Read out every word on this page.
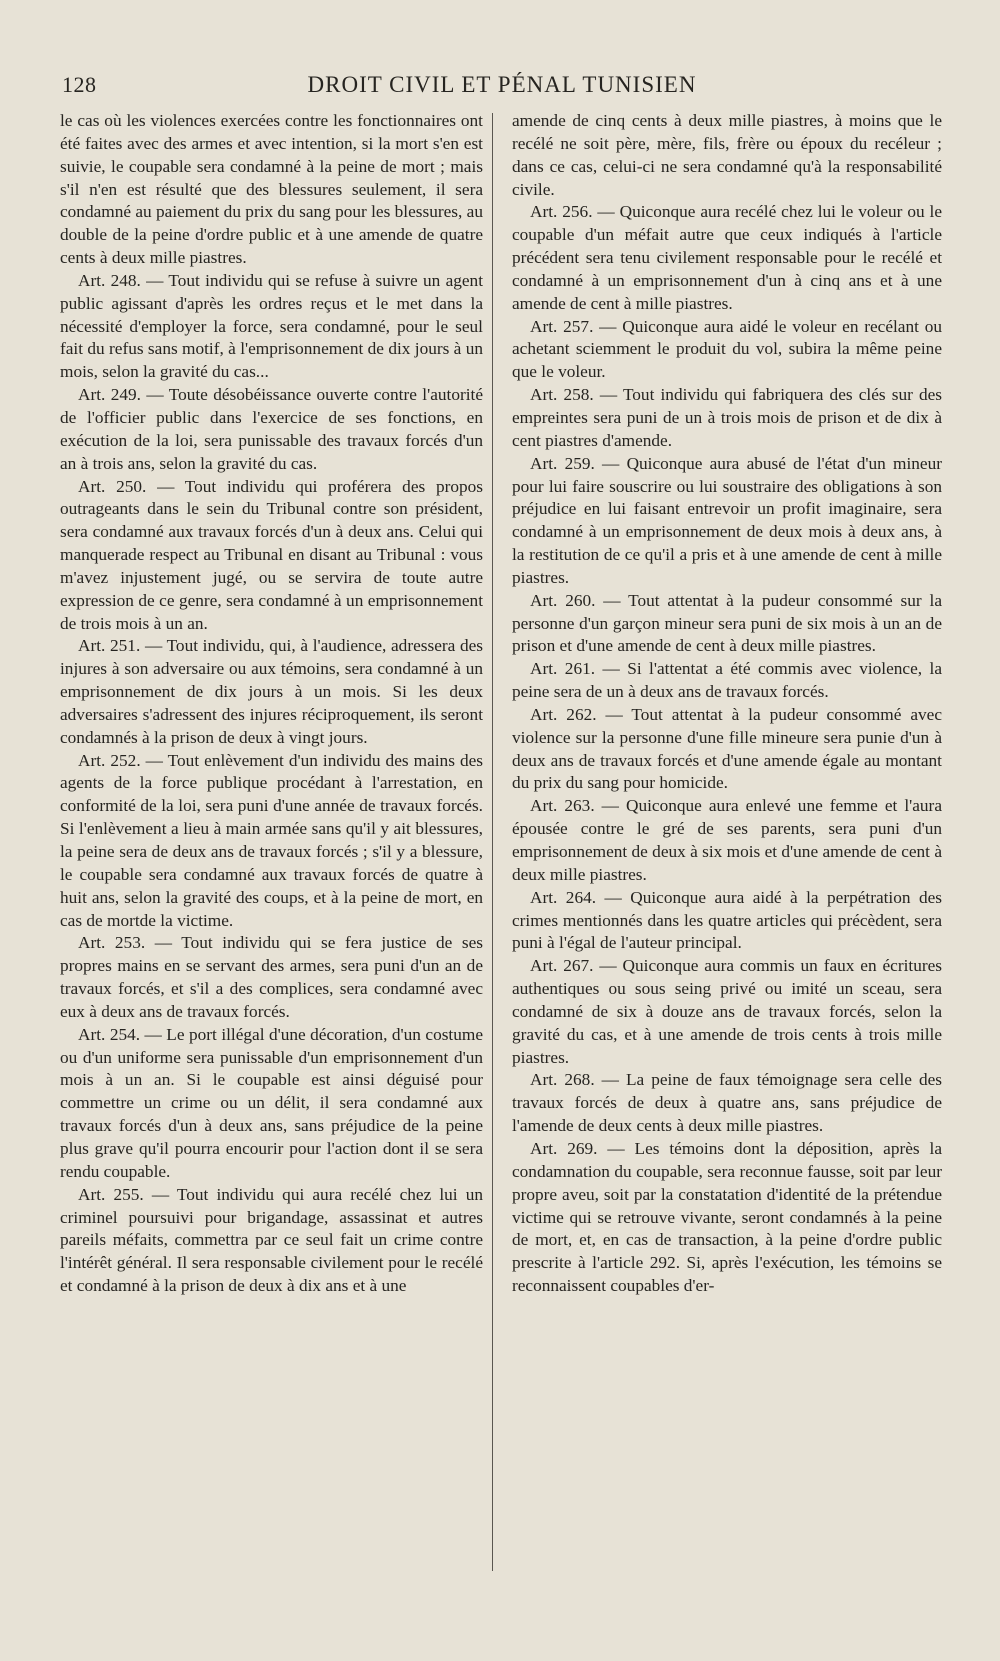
128	DROIT CIVIL ET PÉNAL TUNISIEN

le cas où les violences exercées contre les fonctionnaires ont été faites avec des armes et avec intention, si la mort s'en est suivie, le coupable sera condamné à la peine de mort ; mais s'il n'en est résulté que des blessures seulement, il sera condamné au paiement du prix du sang pour les blessures, au double de la peine d'ordre public et à une amende de quatre cents à deux mille piastres.

Art. 248. — Tout individu qui se refuse à suivre un agent public agissant d'après les ordres reçus et le met dans la nécessité d'employer la force, sera condamné, pour le seul fait du refus sans motif, à l'emprisonnement de dix jours à un mois, selon la gravité du cas...

Art. 249. — Toute désobéissance ouverte contre l'autorité de l'officier public dans l'exercice de ses fonctions, en exécution de la loi, sera punissable des travaux forcés d'un an à trois ans, selon la gravité du cas.

Art. 250. — Tout individu qui proférera des propos outrageants dans le sein du Tribunal contre son président, sera condamné aux travaux forcés d'un à deux ans. Celui qui manquerade respect au Tribunal en disant au Tribunal : vous m'avez injustement jugé, ou se servira de toute autre expression de ce genre, sera condamné à un emprisonnement de trois mois à un an.

Art. 251. — Tout individu, qui, à l'audience, adressera des injures à son adversaire ou aux témoins, sera condamné à un emprisonnement de dix jours à un mois. Si les deux adversaires s'adressent des injures réciproquement, ils seront condamnés à la prison de deux à vingt jours.

Art. 252. — Tout enlèvement d'un individu des mains des agents de la force publique procédant à l'arrestation, en conformité de la loi, sera puni d'une année de travaux forcés. Si l'enlèvement a lieu à main armée sans qu'il y ait blessures, la peine sera de deux ans de travaux forcés ; s'il y a blessure, le coupable sera condamné aux travaux forcés de quatre à huit ans, selon la gravité des coups, et à la peine de mort, en cas de mortde la victime.

Art. 253. — Tout individu qui se fera justice de ses propres mains en se servant des armes, sera puni d'un an de travaux forcés, et s'il a des complices, sera condamné avec eux à deux ans de travaux forcés.

Art. 254. — Le port illégal d'une décoration, d'un costume ou d'un uniforme sera punissable d'un emprisonnement d'un mois à un an. Si le coupable est ainsi déguisé pour commettre un crime ou un délit, il sera condamné aux travaux forcés d'un à deux ans, sans préjudice de la peine plus grave qu'il pourra encourir pour l'action dont il se sera rendu coupable.

Art. 255. — Tout individu qui aura recélé chez lui un criminel poursuivi pour brigandage, assassinat et autres pareils méfaits, commettra par ce seul fait un crime contre l'intérêt général. Il sera responsable civilement pour le recélé et condamné à la prison de deux à dix ans et à une

amende de cinq cents à deux mille piastres, à moins que le recélé ne soit père, mère, fils, frère ou époux du recéleur ; dans ce cas, celui-ci ne sera condamné qu'à la responsabilité civile.

Art. 256. — Quiconque aura recélé chez lui le voleur ou le coupable d'un méfait autre que ceux indiqués à l'article précédent sera tenu civilement responsable pour le recélé et condamné à un emprisonnement d'un à cinq ans et à une amende de cent à mille piastres.

Art. 257. — Quiconque aura aidé le voleur en recélant ou achetant sciemment le produit du vol, subira la même peine que le voleur.

Art. 258. — Tout individu qui fabriquera des clés sur des empreintes sera puni de un à trois mois de prison et de dix à cent piastres d'amende.

Art. 259. — Quiconque aura abusé de l'état d'un mineur pour lui faire souscrire ou lui soustraire des obligations à son préjudice en lui faisant entrevoir un profit imaginaire, sera condamné à un emprisonnement de deux mois à deux ans, à la restitution de ce qu'il a pris et à une amende de cent à mille piastres.

Art. 260. — Tout attentat à la pudeur consommé sur la personne d'un garçon mineur sera puni de six mois à un an de prison et d'une amende de cent à deux mille piastres.

Art. 261. — Si l'attentat a été commis avec violence, la peine sera de un à deux ans de travaux forcés.

Art. 262. — Tout attentat à la pudeur consommé avec violence sur la personne d'une fille mineure sera punie d'un à deux ans de travaux forcés et d'une amende égale au montant du prix du sang pour homicide.

Art. 263. — Quiconque aura enlevé une femme et l'aura épousée contre le gré de ses parents, sera puni d'un emprisonnement de deux à six mois et d'une amende de cent à deux mille piastres.

Art. 264. — Quiconque aura aidé à la perpétration des crimes mentionnés dans les quatre articles qui précèdent, sera puni à l'égal de l'auteur principal.

Art. 267. — Quiconque aura commis un faux en écritures authentiques ou sous seing privé ou imité un sceau, sera condamné de six à douze ans de travaux forcés, selon la gravité du cas, et à une amende de trois cents à trois mille piastres.

Art. 268. — La peine de faux témoignage sera celle des travaux forcés de deux à quatre ans, sans préjudice de l'amende de deux cents à deux mille piastres.

Art. 269. — Les témoins dont la déposition, après la condamnation du coupable, sera reconnue fausse, soit par leur propre aveu, soit par la constatation d'identité de la prétendue victime qui se retrouve vivante, seront condamnés à la peine de mort, et, en cas de transaction, à la peine d'ordre public prescrite à l'article 292. Si, après l'exécution, les témoins se reconnaissent coupables d'er-
